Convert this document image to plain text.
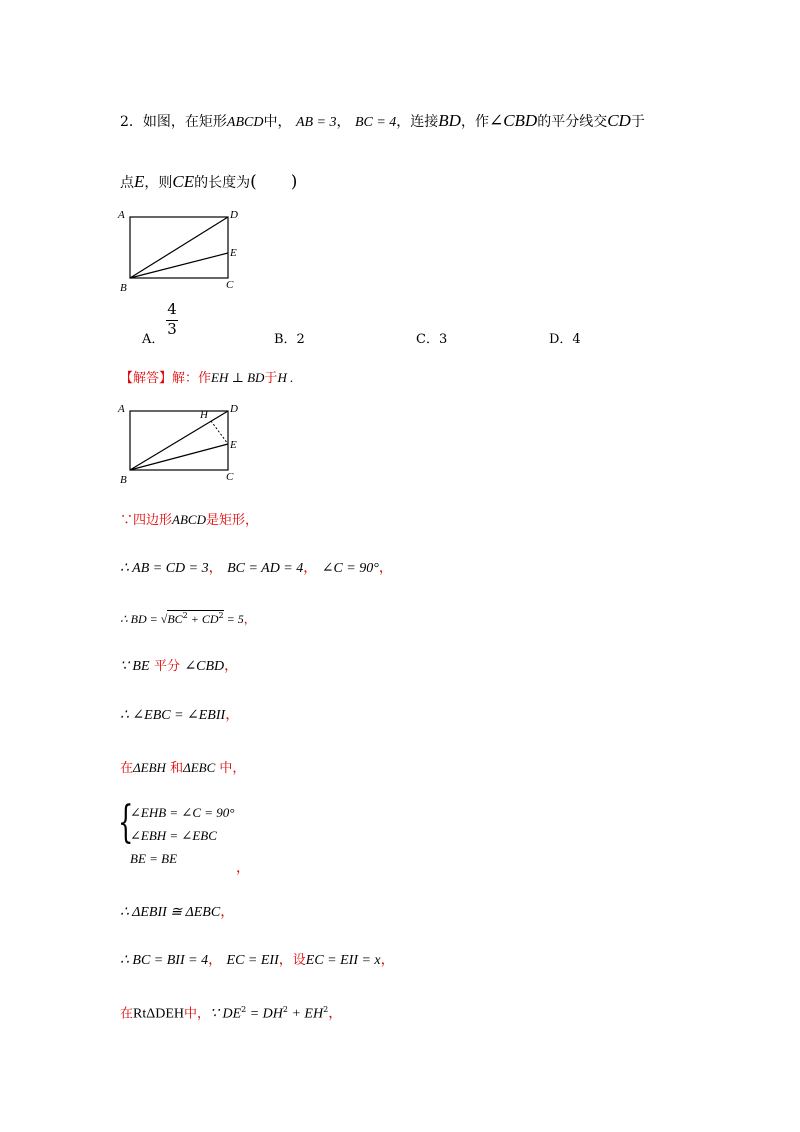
2．如图，在矩形ABCD中， AB = 3， BC = 4，连接BD，作∠CBD的平分线交CD于
点E，则CE的长度为(　　)
A	D
E
B	C
A．
4
3
B．2	C．3	D．4
【解答】解：作EH ⊥ BD于H .
A	D
H
E
B	C
∵四边形ABCD是矩形，
∴ AB = CD = 3， BC = AD = 4， ∠C = 90°，
∴ BD = $√BC^2 + CD^2 = 5$，
∵ BE 平分 ∠CBD，
∴ ∠EBC = ∠EBII，
在ΔEBH 和ΔEBC 中，
{
∠EHB = ∠C = 90°
∠EBH = ∠EBC
BE = BE
，
∴ ΔEBII ≅ ΔEBC，
∴ BC = BII = 4， EC = EII，设EC = EII = x，
在RtΔDEH中，∵ $DE^2 = DH^2 + EH^2$，
